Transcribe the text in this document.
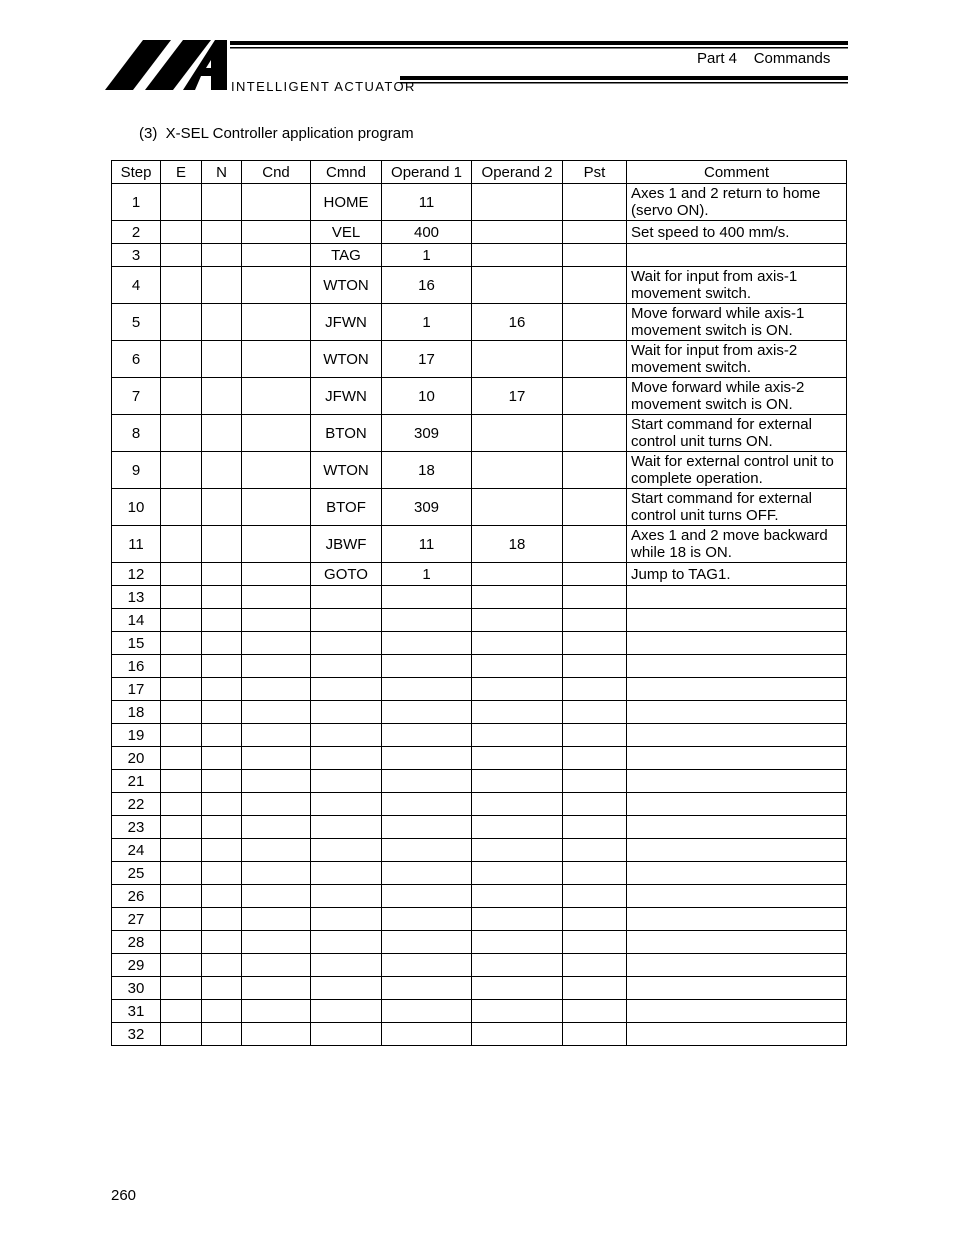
INTELLIGENT ACTUATOR
Part 4 Commands
(3)  X-SEL Controller application program
Step	E	N	Cnd	Cmnd	Operand 1	Operand 2	Pst	Comment
1				HOME	11			Axes 1 and 2 return to home (servo ON).
2				VEL	400			Set speed to 400 mm/s.
3				TAG	1			
4				WTON	16			Wait for input from axis-1 movement switch.
5				JFWN	1	16		Move forward while axis-1 movement switch is ON.
6				WTON	17			Wait for input from axis-2 movement switch.
7				JFWN	10	17		Move forward while axis-2 movement switch is ON.
8				BTON	309			Start command for external control unit turns ON.
9				WTON	18			Wait for external control unit to complete operation.
10				BTOF	309			Start command for external control unit turns OFF.
11				JBWF	11	18		Axes 1 and 2 move backward while 18 is ON.
12				GOTO	1			Jump to TAG1.
13								
14								
15								
16								
17								
18								
19								
20								
21								
22								
23								
24								
25								
26								
27								
28								
29								
30								
31								
32								
260
